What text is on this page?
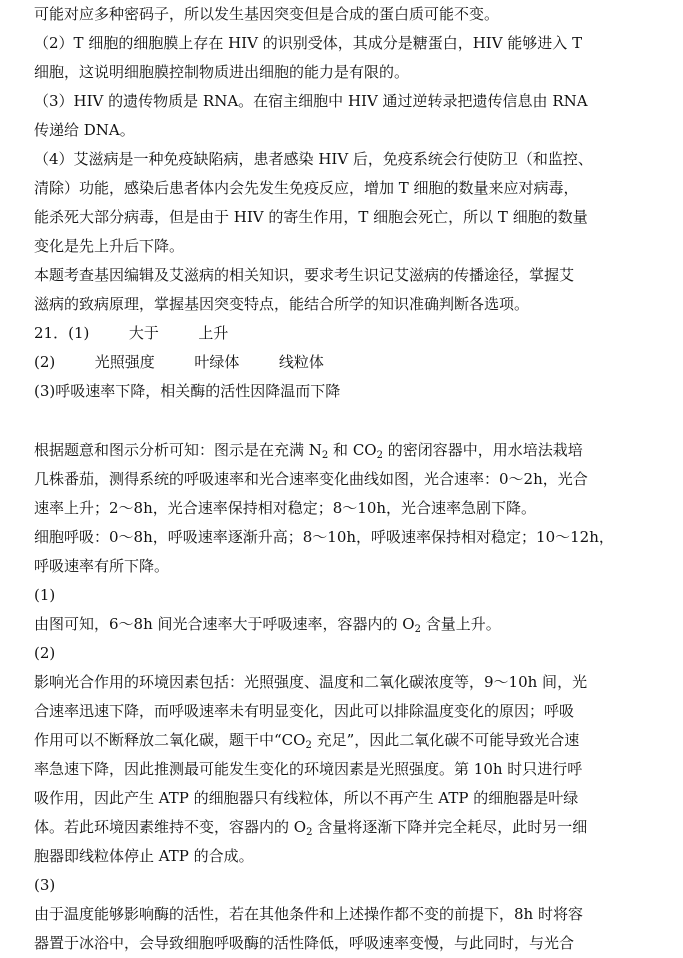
可能对应多种密码子，所以发生基因突变但是合成的蛋白质可能不变。
（2）T 细胞的细胞膜上存在 HIV 的识别受体，其成分是糖蛋白，HIV 能够进入 T
细胞，这说明细胞膜控制物质进出细胞的能力是有限的。
（3）HIV 的遗传物质是 RNA。在宿主细胞中 HIV 通过逆转录把遗传信息由 RNA
传递给 DNA。
（4）艾滋病是一种免疫缺陷病，患者感染 HIV 后，免疫系统会行使防卫（和监控、
清除）功能，感染后患者体内会先发生免疫反应，增加 T 细胞的数量来应对病毒，
能杀死大部分病毒，但是由于 HIV 的寄生作用，T 细胞会死亡，所以 T 细胞的数量
变化是先上升后下降。
本题考查基因编辑及艾滋病的相关知识，要求考生识记艾滋病的传播途径，掌握艾
滋病的致病原理，掌握基因突变特点，能结合所学的知识准确判断各选项。
21．(1)　　  大于　　  上升
(2)　　  光照强度　　  叶绿体　　  线粒体
(3)呼吸速率下降，相关酶的活性因降温而下降
根据题意和图示分析可知：图示是在充满 $N_2$ 和 $CO_2$ 的密闭容器中，用水培法栽培
几株番茄，测得系统的呼吸速率和光合速率变化曲线如图，光合速率：0～2h，光合
速率上升；2～8h，光合速率保持相对稳定；8～10h，光合速率急剧下降。
细胞呼吸：0～8h，呼吸速率逐渐升高；8～10h，呼吸速率保持相对稳定；10～12h，
呼吸速率有所下降。
(1)
由图可知，6～8h 间光合速率大于呼吸速率，容器内的 $O_2$ 含量上升。
(2)
影响光合作用的环境因素包括：光照强度、温度和二氧化碳浓度等，9～10h 间，光
合速率迅速下降，而呼吸速率未有明显变化，因此可以排除温度变化的原因；呼吸
作用可以不断释放二氧化碳，题干中“$CO_2$ 充足”，因此二氧化碳不可能导致光合速
率急速下降，因此推测最可能发生变化的环境因素是光照强度。第 10h 时只进行呼
吸作用，因此产生 ATP 的细胞器只有线粒体，所以不再产生 ATP 的细胞器是叶绿
体。若此环境因素维持不变，容器内的 $O_2$ 含量将逐渐下降并完全耗尽，此时另一细
胞器即线粒体停止 ATP 的合成。
(3)
由于温度能够影响酶的活性，若在其他条件和上述操作都不变的前提下，8h 时将容
器置于冰浴中，会导致细胞呼吸酶的活性降低，呼吸速率变慢，与此同时，与光合
